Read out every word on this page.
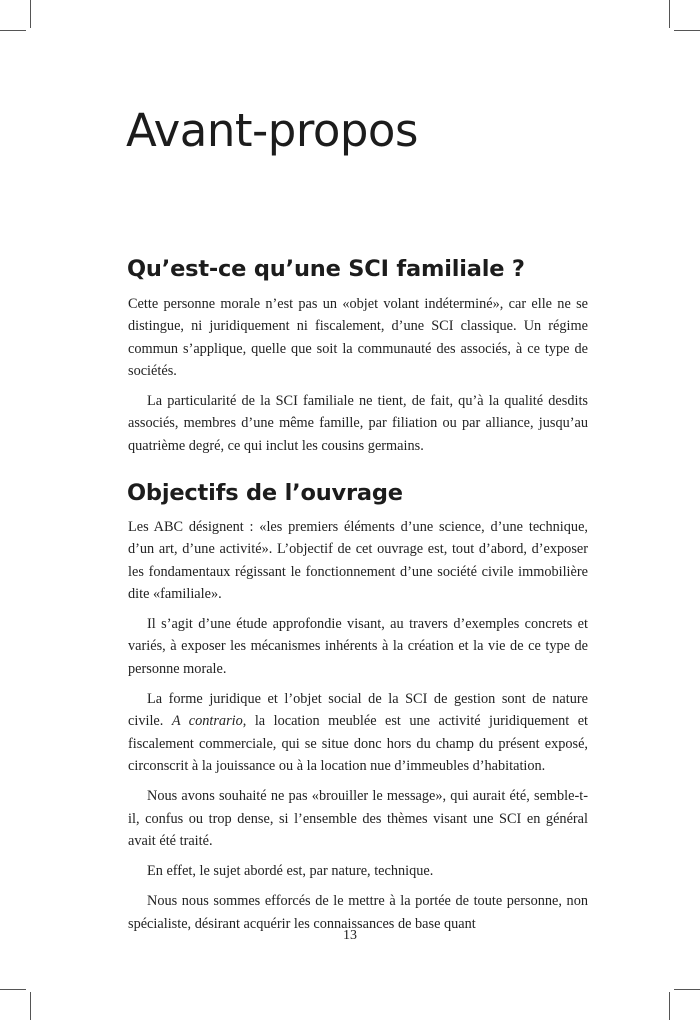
Avant-propos
Qu’est-ce qu’une SCI familiale ?

Cette personne morale n’est pas un «objet volant indéterminé», car elle ne se distingue, ni juridiquement ni fiscalement, d’une SCI classique. Un régime commun s’applique, quelle que soit la communauté des associés, à ce type de sociétés.

La particularité de la SCI familiale ne tient, de fait, qu’à la qualité desdits associés, membres d’une même famille, par filiation ou par alliance, jusqu’au quatrième degré, ce qui inclut les cousins germains.

Objectifs de l’ouvrage

Les ABC désignent : «les premiers éléments d’une science, d’une technique, d’un art, d’une activité». L’objectif de cet ouvrage est, tout d’abord, d’exposer les fondamentaux régissant le fonctionnement d’une société civile immobilière dite «familiale».

Il s’agit d’une étude approfondie visant, au travers d’exemples concrets et variés, à exposer les mécanismes inhérents à la création et la vie de ce type de personne morale.

La forme juridique et l’objet social de la SCI de gestion sont de nature civile. A contrario, la location meublée est une activité juridiquement et fiscalement commerciale, qui se situe donc hors du champ du présent exposé, circonscrit à la jouissance ou à la location nue d’immeubles d’habitation.

Nous avons souhaité ne pas «brouiller le message», qui aurait été, semble-t-il, confus ou trop dense, si l’ensemble des thèmes visant une SCI en général avait été traité.

En effet, le sujet abordé est, par nature, technique.

Nous nous sommes efforcés de le mettre à la portée de toute personne, non spécialiste, désirant acquérir les connaissances de base quant

13
